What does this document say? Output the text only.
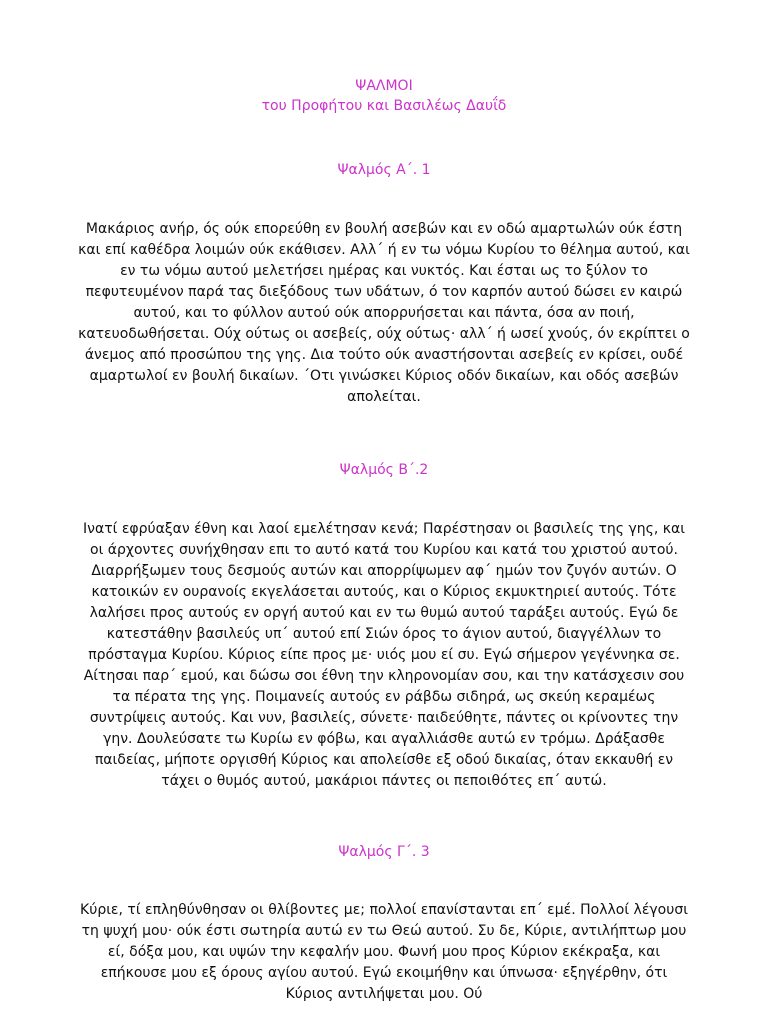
ΨΑΛΜΟΙ

του Προφήτου και Βασιλέως Δαυΐδ

Ψαλμός Α΄. 1

Μακάριος ανήρ, ός ούκ επορεύθη εν βουλή ασεβών και εν οδώ αμαρτωλών ούκ έστη και επί καθέδρα λοιμών ούκ εκάθισεν. Αλλ΄ ή εν τω νόμω Κυρίου το θέλημα αυτού, και εν τω νόμω αυτού μελετήσει ημέρας και νυκτός. Και έσται ως το ξύλον το πεφυτευμένον παρά τας διεξόδους των υδάτων, ό τον καρπόν αυτού δώσει εν καιρώ αυτού, και το φύλλον αυτού ούκ απορρυήσεται και πάντα, όσα αν ποιή, κατευοδωθήσεται. Ούχ ούτως οι ασεβείς, ούχ ούτως· αλλ΄ ή ωσεί χνούς, όν εκρίπτει ο άνεμος από προσώπου της γης. Δια τούτο ούκ αναστήσονται ασεβείς εν κρίσει, ουδέ αμαρτωλοί εν βουλή δικαίων. ΄Οτι γινώσκει Κύριος οδόν δικαίων, και οδός ασεβών απολείται.

Ψαλμός Β΄.2

Ινατί εφρύαξαν έθνη και λαοί εμελέτησαν κενά; Παρέστησαν οι βασιλείς της γης, και οι άρχοντες συνήχθησαν επι το αυτό κατά του Κυρίου και κατά του χριστού αυτού. Διαρρήξωμεν τους δεσμούς αυτών και απορρίψωμεν αφ΄ ημών τον ζυγόν αυτών. Ο κατοικών εν ουρανοίς εκγελάσεται αυτούς, και ο Κύριος εκμυκτηριεί αυτούς. Τότε λαλήσει προς αυτούς εν οργή αυτού και εν τω θυμώ αυτού ταράξει αυτούς. Εγώ δε κατεστάθην βασιλεύς υπ΄ αυτού επί Σιών όρος το άγιον αυτού, διαγγέλλων το πρόσταγμα Κυρίου. Κύριος είπε προς με· υιός μου εί συ. Εγώ σήμερον γεγέννηκα σε. Αίτησαι παρ΄ εμού, και δώσω σοι έθνη την κληρονομίαν σου, και την κατάσχεσιν σου τα πέρατα της γης. Ποιμανείς αυτούς εν ράβδω σιδηρά, ως σκεύη κεραμέως συντρίψεις αυτούς. Και νυν, βασιλείς, σύνετε· παιδεύθητε, πάντες οι κρίνοντες την γην. Δουλεύσατε τω Κυρίω εν φόβω, και αγαλλιάσθε αυτώ εν τρόμω. Δράξασθε παιδείας, μήποτε οργισθή Κύριος και απολείσθε εξ οδού δικαίας, όταν εκκαυθή εν τάχει ο θυμός αυτού, μακάριοι πάντες οι πεποιθότες επ΄ αυτώ.

Ψαλμός Γ΄. 3

Κύριε, τί επληθύνθησαν οι θλίβοντες με; πολλοί επανίστανται επ΄ εμέ. Πολλοί λέγουσι τη ψυχή μου· ούκ έστι σωτηρία αυτώ εν τω Θεώ αυτού. Συ δε, Κύριε, αντιλήπτωρ μου εί, δόξα μου, και υψών την κεφαλήν μου. Φωνή μου προς Κύριον εκέκραξα, και επήκουσε μου εξ όρους αγίου αυτού. Εγώ εκοιμήθην και ύπνωσα· εξηγέρθην, ότι Κύριος αντιλήψεται μου. Ού
